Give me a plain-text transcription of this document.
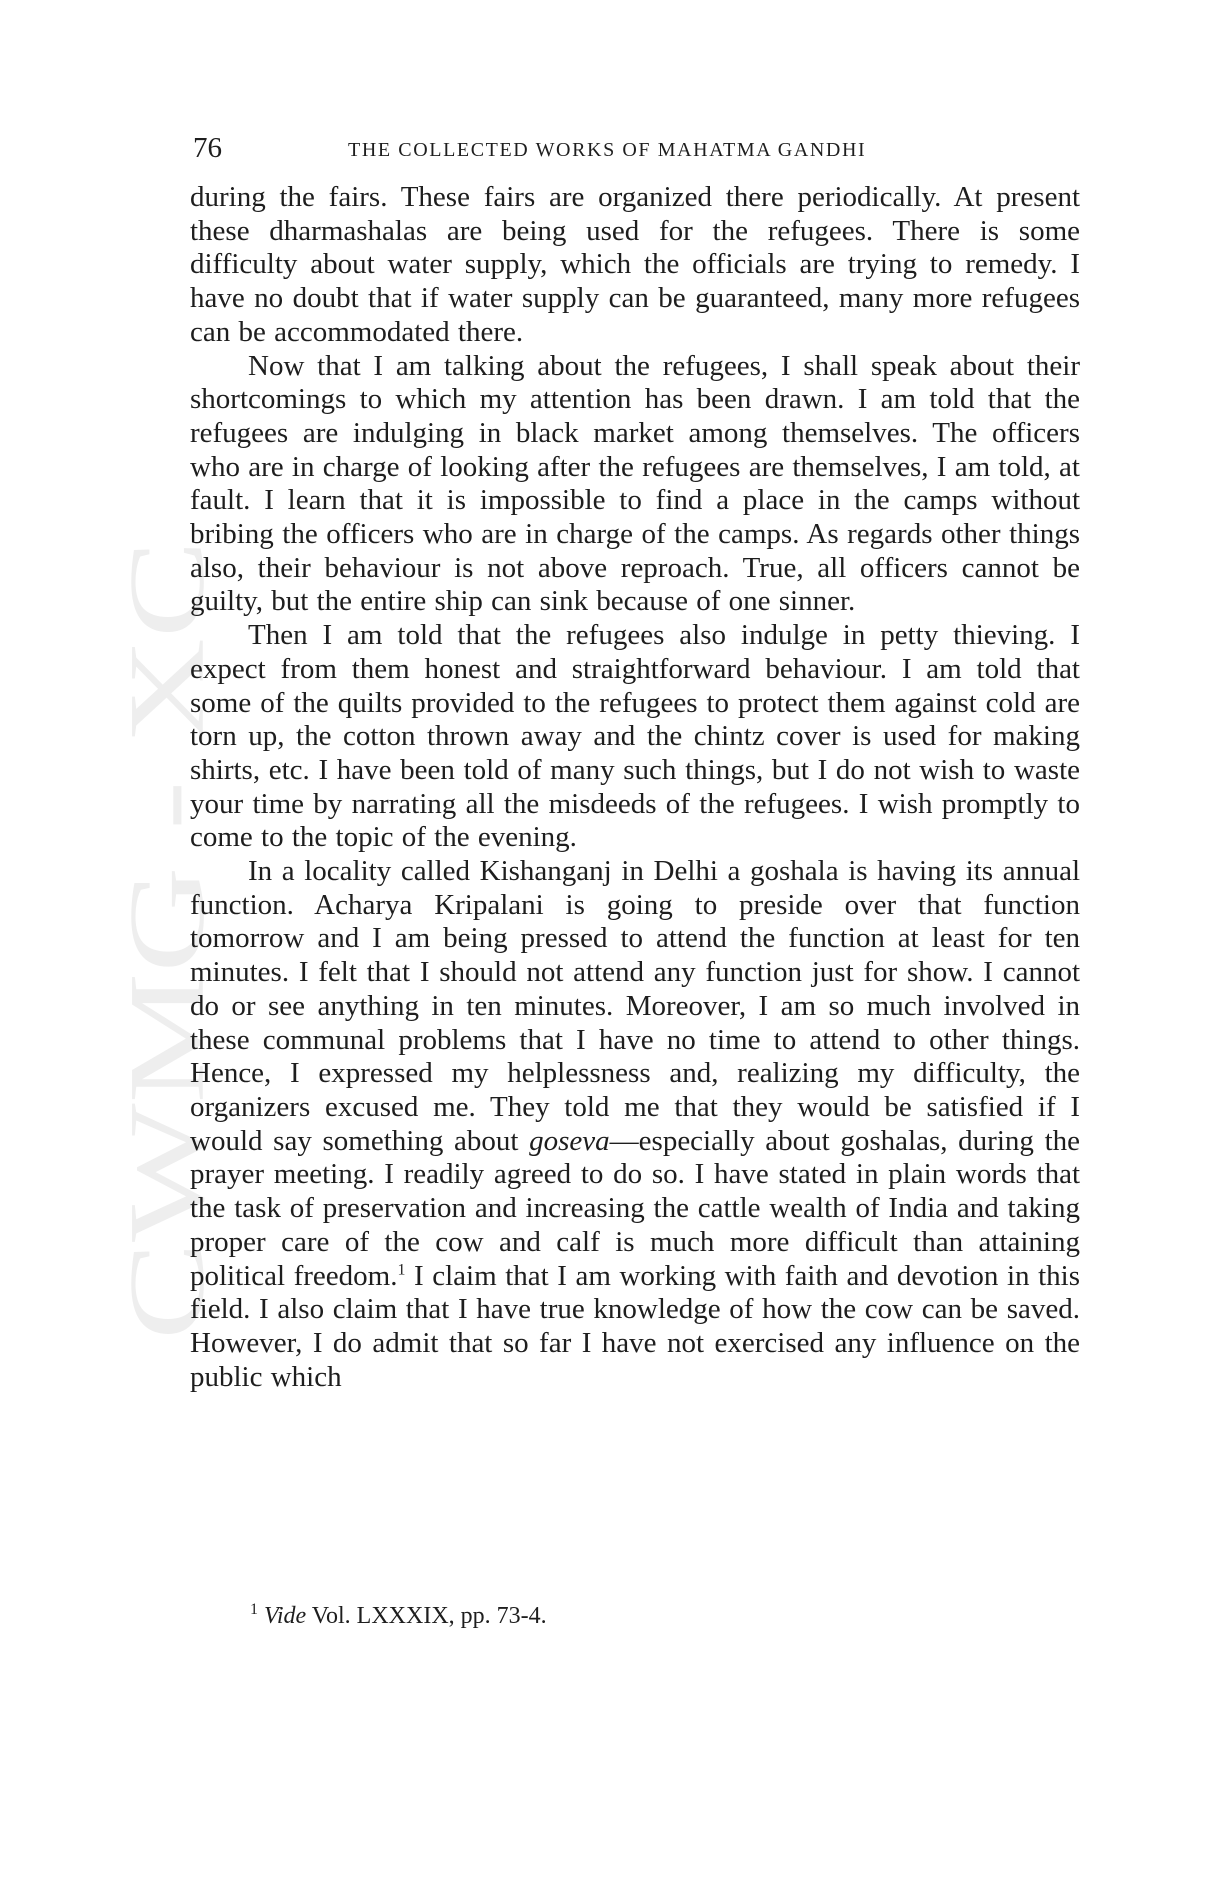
CWMG - XC
76	THE COLLECTED WORKS OF MAHATMA GANDHI

during the fairs. These fairs are organized there periodically. At present these dharmashalas are being used for the refugees. There is some difficulty about water supply, which the officials are trying to remedy. I have no doubt that if water supply can be guaranteed, many more refugees can be accommodated there.

Now that I am talking about the refugees, I shall speak about their shortcomings to which my attention has been drawn. I am told that the refugees are indulging in black market among themselves. The officers who are in charge of looking after the refugees are themselves, I am told, at fault. I learn that it is impossible to find a place in the camps without bribing the officers who are in charge of the camps. As regards other things also, their behaviour is not above reproach. True, all officers cannot be guilty, but the entire ship can sink because of one sinner.

Then I am told that the refugees also indulge in petty thieving. I expect from them honest and straightforward behaviour. I am told that some of the quilts provided to the refugees to protect them against cold are torn up, the cotton thrown away and the chintz cover is used for making shirts, etc. I have been told of many such things, but I do not wish to waste your time by narrating all the misdeeds of the refugees. I wish promptly to come to the topic of the evening.

In a locality called Kishanganj in Delhi a goshala is having its annual function. Acharya Kripalani is going to preside over that function tomorrow and I am being pressed to attend the function at least for ten minutes. I felt that I should not attend any function just for show. I cannot do or see anything in ten minutes. Moreover, I am so much involved in these communal problems that I have no time to attend to other things. Hence, I expressed my helplessness and, realizing my difficulty, the organizers excused me. They told me that they would be satisfied if I would say something about goseva—especially about goshalas, during the prayer meeting. I readily agreed to do so. I have stated in plain words that the task of preservation and increasing the cattle wealth of India and taking proper care of the cow and calf is much more difficult than attaining political freedom.$^1$ I claim that I am working with faith and devotion in this field. I also claim that I have true knowledge of how the cow can be saved. However, I do admit that so far I have not exercised any influence on the public which

$^1$ Vide Vol. LXXXIX, pp. 73-4.
